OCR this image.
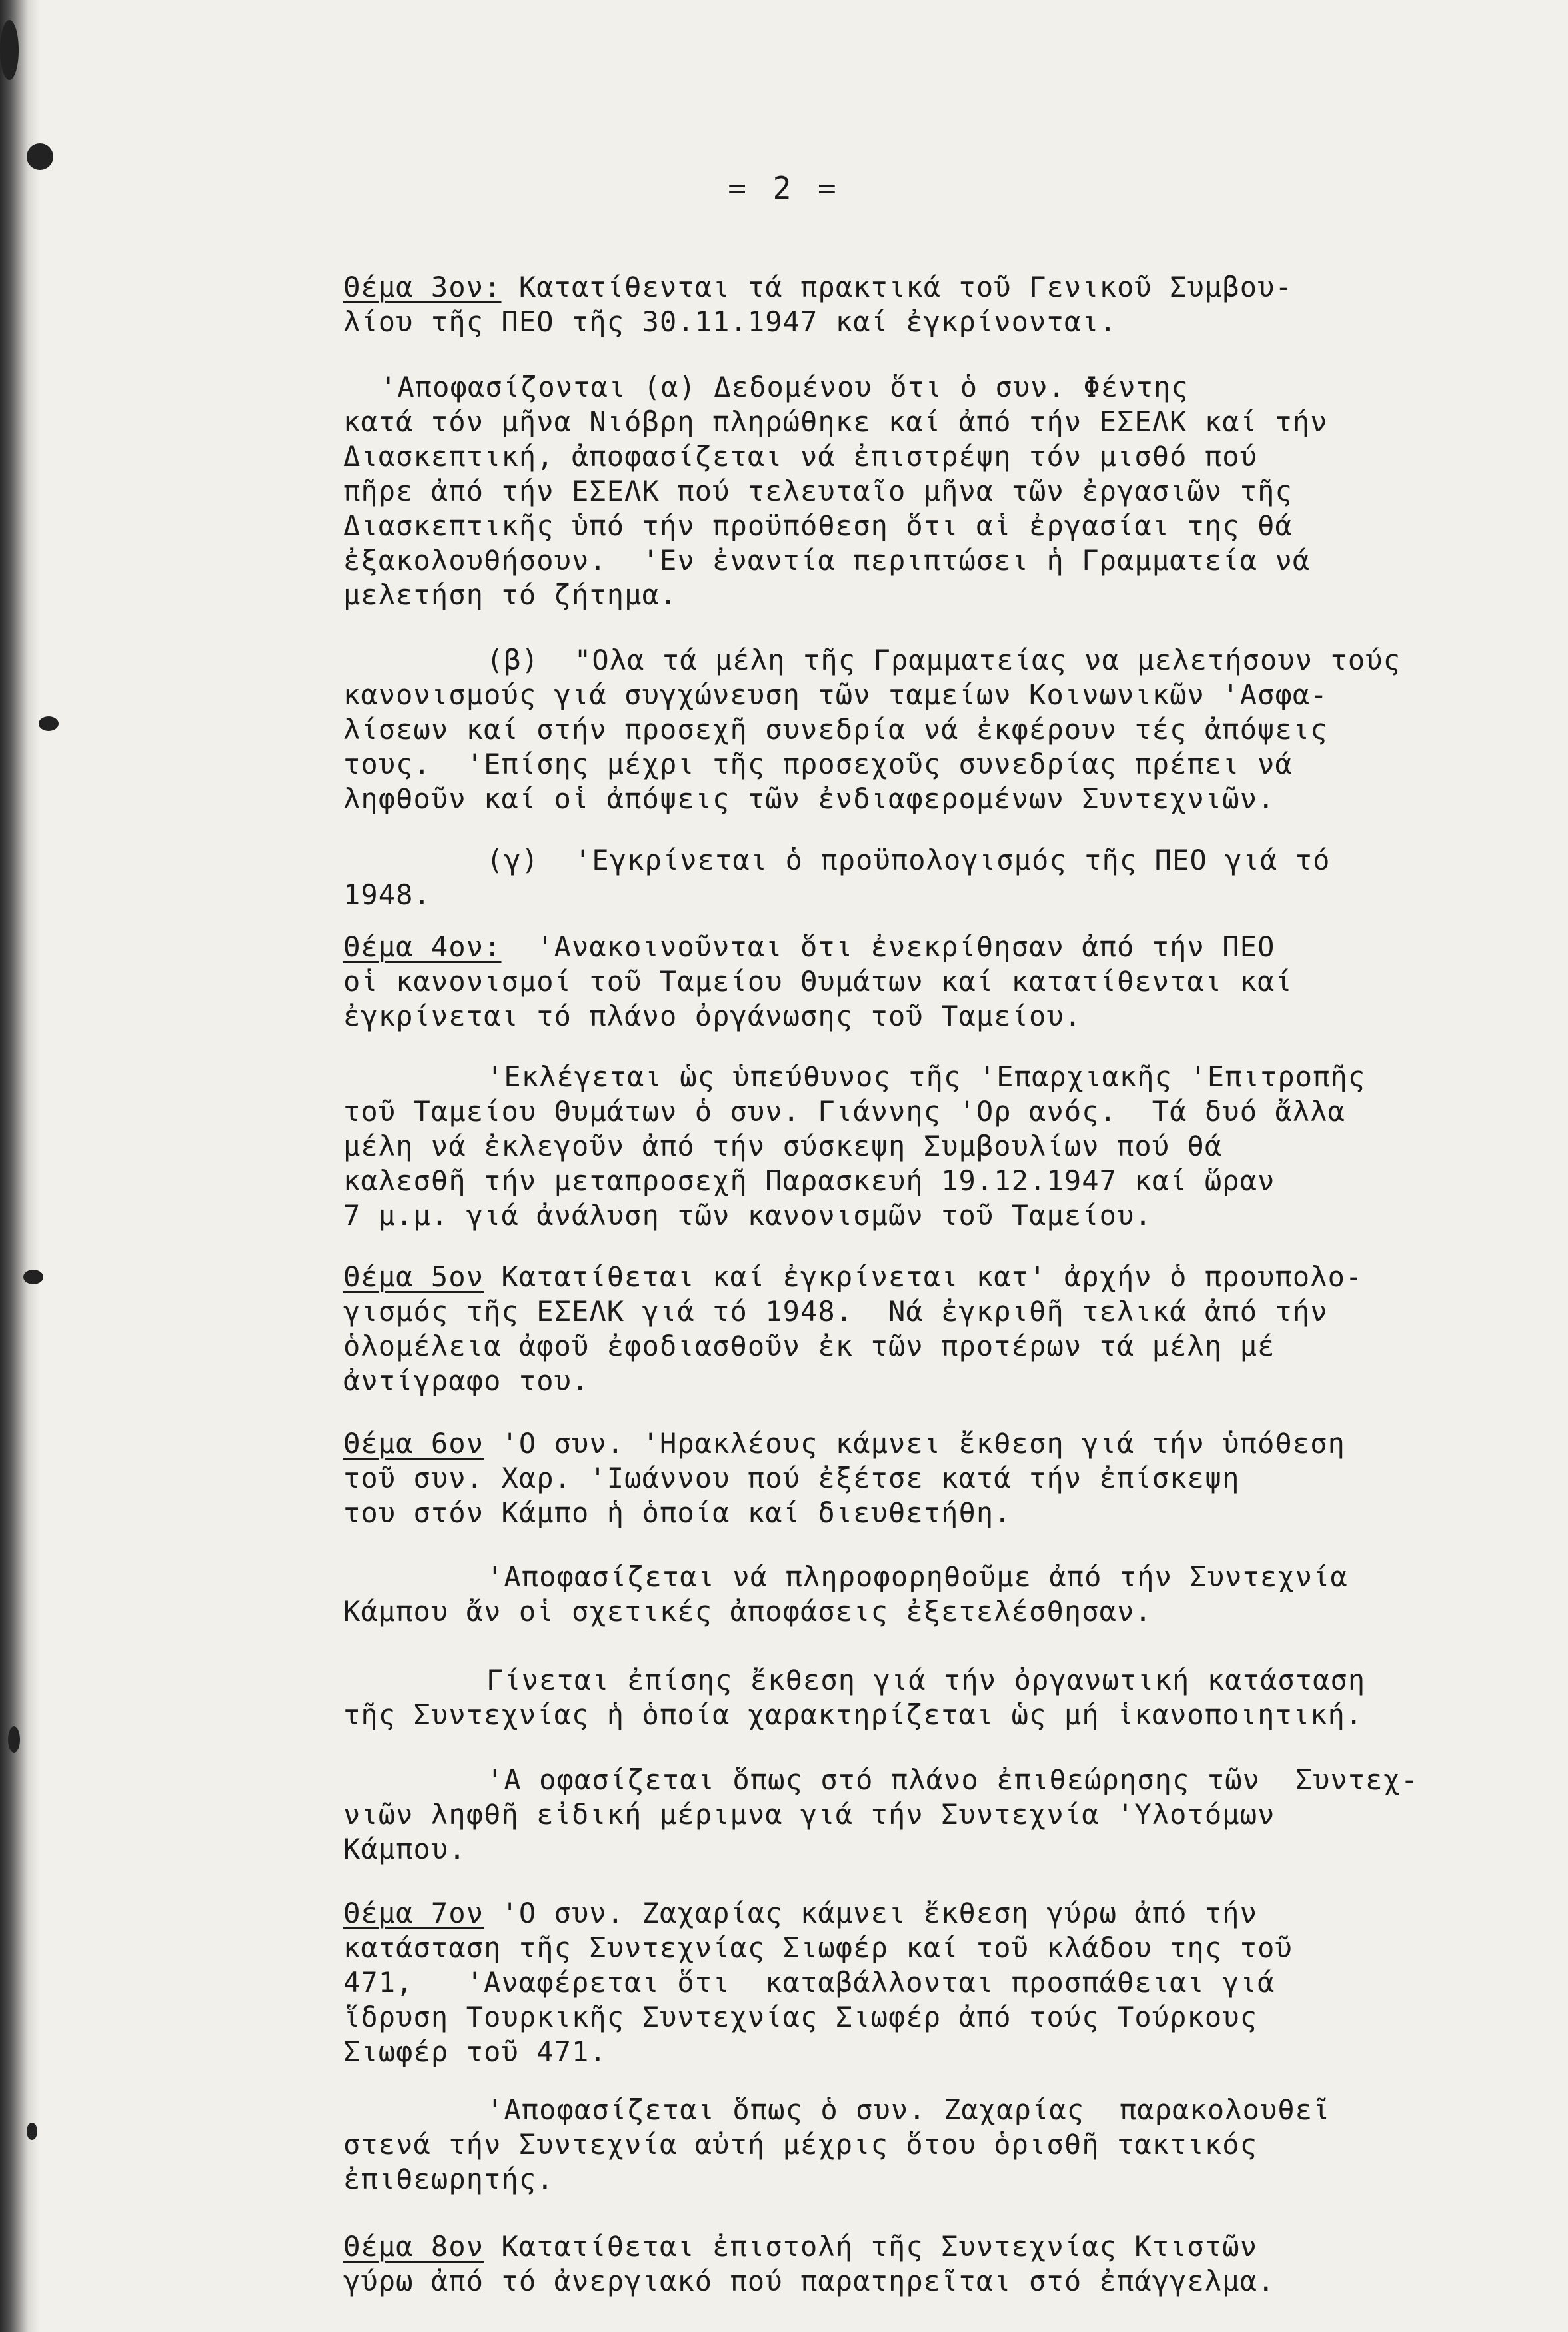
= 2 =
Θέμα 3ον: Κατατίθενται τά πρακτικά τοῦ Γενικοῦ Συμβου-
λίου τῆς ΠΕΟ τῆς 30.11.1947 καί ἐγκρίνονται.
'Αποφασίζονται (α) Δεδομένου ὅτι ὁ συν. Φέντης
κατά τόν μῆνα Νιόβρη πληρώθηκε καί ἀπό τήν ΕΣΕΛΚ καί τήν
Διασκεπτική, ἀποφασίζεται νά ἐπιστρέψη τόν μισθό πού
πῆρε ἀπό τήν ΕΣΕΛΚ πού τελευταῖο μῆνα τῶν ἐργασιῶν τῆς
Διασκεπτικῆς ὑπό τήν προϋπόθεση ὅτι αἱ ἐργασίαι της θά
ἐξακολουθήσουν.  'Εν ἐναντία περιπτώσει ἡ Γραμματεία νά
μελετήση τό ζήτημα.
(β)  "Ολα τά μέλη τῆς Γραμματείας να μελετήσουν τούς
κανονισμούς γιά συγχώνευση τῶν ταμείων Κοινωνικῶν 'Ασφα-
λίσεων καί στήν προσεχῆ συνεδρία νά ἐκφέρουν τές ἀπόψεις
τους.  'Επίσης μέχρι τῆς προσεχοῦς συνεδρίας πρέπει νά
ληφθοῦν καί οἱ ἀπόψεις τῶν ἐνδιαφερομένων Συντεχνιῶν.
(γ)  'Εγκρίνεται ὁ προϋπολογισμός τῆς ΠΕΟ γιά τό
1948.
Θέμα 4ον:  'Ανακοινοῦνται ὅτι ἐνεκρίθησαν ἀπό τήν ΠΕΟ
οἱ κανονισμοί τοῦ Ταμείου Θυμάτων καί κατατίθενται καί
ἐγκρίνεται τό πλάνο ὀργάνωσης τοῦ Ταμείου.
'Εκλέγεται ὡς ὑπεύθυνος τῆς 'Επαρχιακῆς 'Επιτροπῆς
τοῦ Ταμείου Θυμάτων ὁ συν. Γιάννης 'Ορ ανός.  Τά δυό ἄλλα
μέλη νά ἐκλεγοῦν ἀπό τήν σύσκεψη Συμβουλίων πού θά
καλεσθῆ τήν μεταπροσεχῆ Παρασκευή 19.12.1947 καί ὥραν
7 μ.μ. γιά ἀνάλυση τῶν κανονισμῶν τοῦ Ταμείου.
Θέμα 5ον Κατατίθεται καί ἐγκρίνεται κατ' ἀρχήν ὁ προυπολο-
γισμός τῆς ΕΣΕΛΚ γιά τό 1948.  Νά ἐγκριθῆ τελικά ἀπό τήν
ὁλομέλεια ἀφοῦ ἐφοδιασθοῦν ἐκ τῶν προτέρων τά μέλη μέ
ἀντίγραφο του.
Θέμα 6ον 'Ο συν. 'Ηρακλέους κάμνει ἔκθεση γιά τήν ὑπόθεση
τοῦ συν. Χαρ. 'Ιωάννου πού ἐξέτσε κατά τήν ἐπίσκεψη
του στόν Κάμπο ἡ ὁποία καί διευθετήθη.
'Αποφασίζεται νά πληροφορηθοῦμε ἀπό τήν Συντεχνία
Κάμπου ἄν οἱ σχετικές ἀποφάσεις ἐξετελέσθησαν.
Γίνεται ἐπίσης ἔκθεση γιά τήν ὀργανωτική κατάσταση
τῆς Συντεχνίας ἡ ὁποία χαρακτηρίζεται ὡς μή ἱκανοποιητική.
'Α οφασίζεται ὅπως στό πλάνο ἐπιθεώρησης τῶν  Συντεχ-
νιῶν ληφθῆ εἰδική μέριμνα γιά τήν Συντεχνία 'Υλοτόμων
Κάμπου.
Θέμα 7ον 'Ο συν. Ζαχαρίας κάμνει ἔκθεση γύρω ἀπό τήν
κατάσταση τῆς Συντεχνίας Σιωφέρ καί τοῦ κλάδου της τοῦ
471,   'Αναφέρεται ὅτι  καταβάλλονται προσπάθειαι γιά
ἵδρυση Τουρκικῆς Συντεχνίας Σιωφέρ ἀπό τούς Τούρκους
Σιωφέρ τοῦ 471.
'Αποφασίζεται ὅπως ὁ συν. Ζαχαρίας  παρακολουθεῖ
στενά τήν Συντεχνία αὐτή μέχρις ὅτου ὁρισθῆ τακτικός
ἐπιθεωρητής.
Θέμα 8ον Κατατίθεται ἐπιστολή τῆς Συντεχνίας Κτιστῶν
γύρω ἀπό τό ἀνεργιακό πού παρατηρεῖται στό ἐπάγγελμα.
